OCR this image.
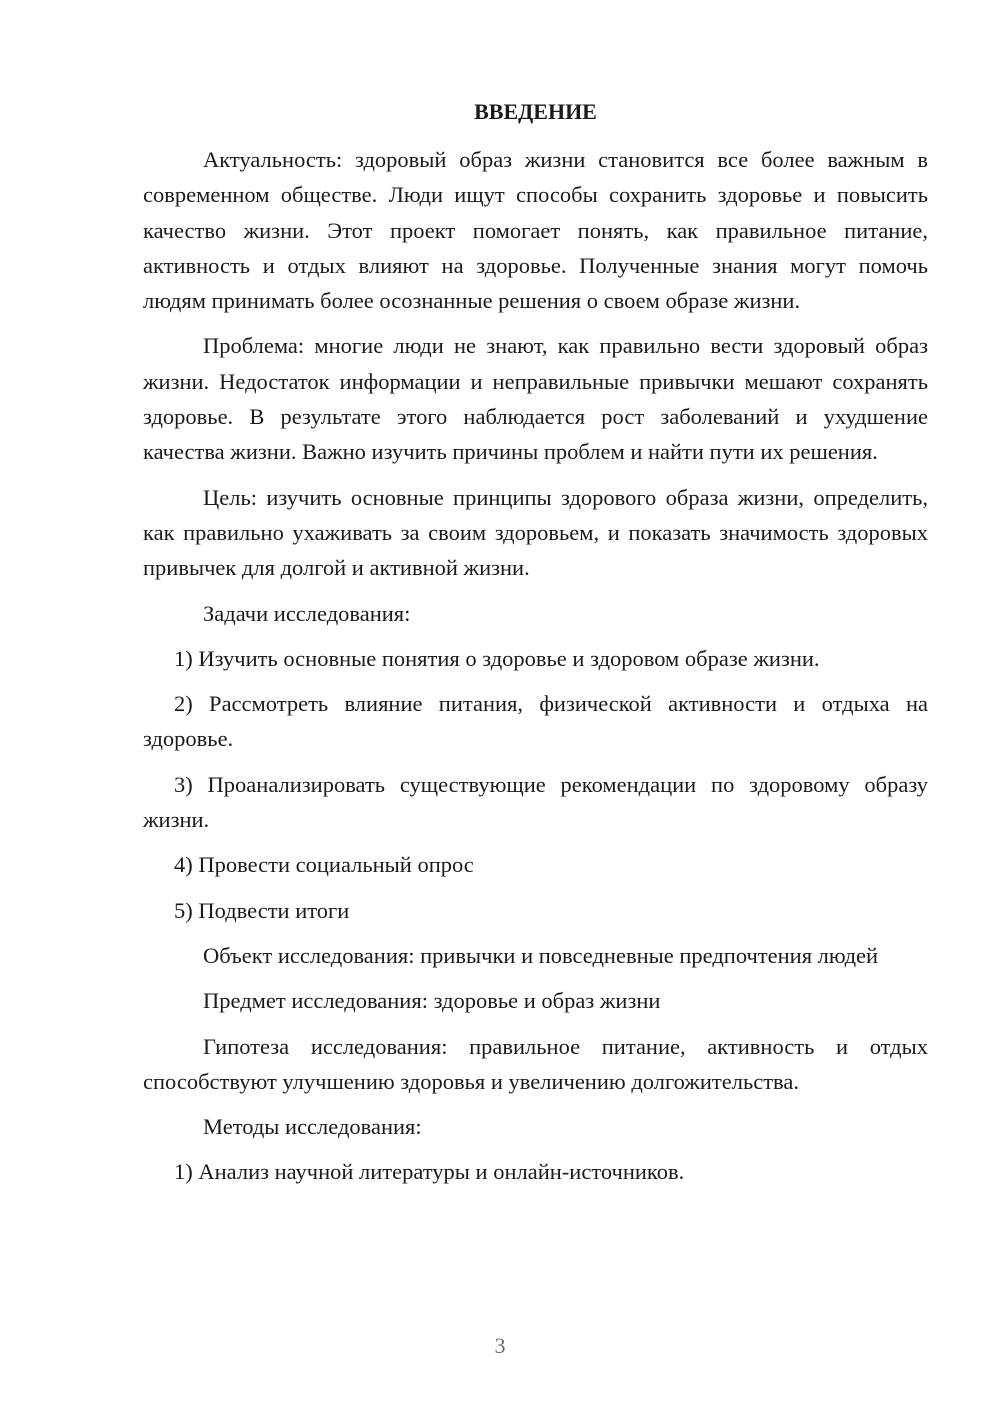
ВВЕДЕНИЕ

Актуальность: здоровый образ жизни становится все более важным в современном обществе. Люди ищут способы сохранить здоровье и повысить качество жизни. Этот проект помогает понять, как правильное питание, активность и отдых влияют на здоровье. Полученные знания могут помочь людям принимать более осознанные решения о своем образе жизни.

Проблема: многие люди не знают, как правильно вести здоровый образ жизни. Недостаток информации и неправильные привычки мешают сохранять здоровье. В результате этого наблюдается рост заболеваний и ухудшение качества жизни. Важно изучить причины проблем и найти пути их решения.

Цель: изучить основные принципы здорового образа жизни, определить, как правильно ухаживать за своим здоровьем, и показать значимость здоровых привычек для долгой и активной жизни.

Задачи исследования:

1) Изучить основные понятия о здоровье и здоровом образе жизни.

2) Рассмотреть влияние питания, физической активности и отдыха на здоровье.

3) Проанализировать существующие рекомендации по здоровому образу жизни.

4) Провести социальный опрос

5) Подвести итоги

Объект исследования: привычки и повседневные предпочтения людей

Предмет исследования: здоровье и образ жизни

Гипотеза исследования: правильное питание, активность и отдых способствуют улучшению здоровья и увеличению долгожительства.

Методы исследования:

1) Анализ научной литературы и онлайн-источников.

3
